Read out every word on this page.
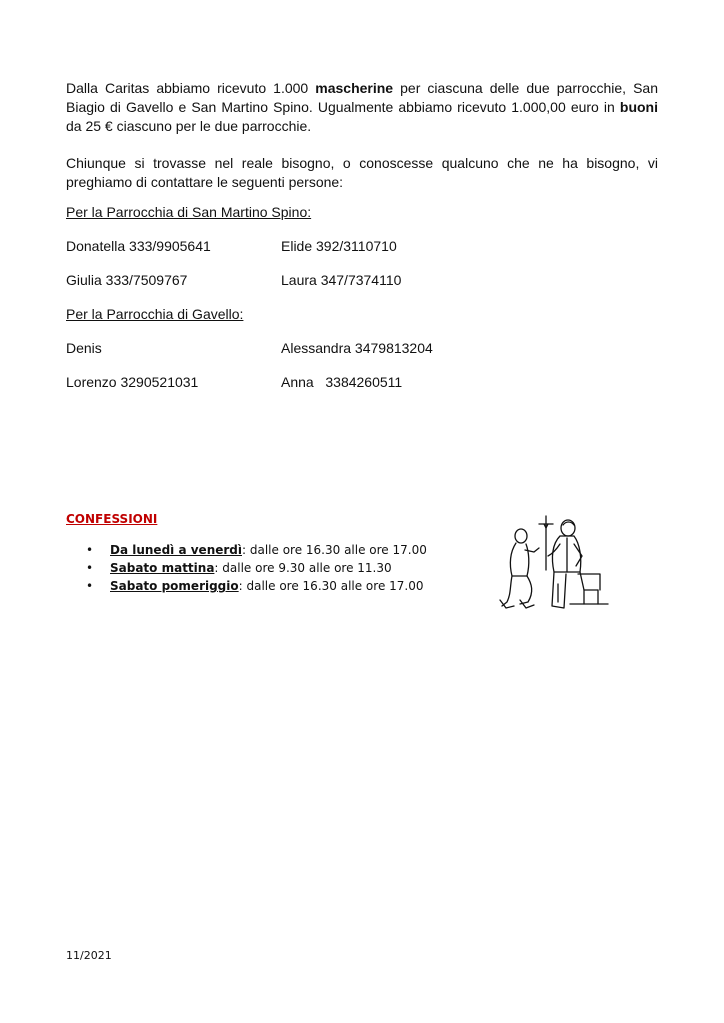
Dalla Caritas abbiamo ricevuto 1.000 mascherine per ciascuna delle due parrocchie, San Biagio di Gavello e San Martino Spino. Ugualmente abbiamo ricevuto 1.000,00 euro in buoni da 25 € ciascuno per le due parrocchie.

Chiunque si trovasse nel reale bisogno, o conoscesse qualcuno che ne ha bisogno, vi preghiamo di contattare le seguenti persone:

Per la Parrocchia di San Martino Spino:
Donatella 333/9905641	Elide 392/3110710
Giulia 333/7509767	Laura 347/7374110
Per la Parrocchia di Gavello:
Denis	Alessandra 3479813204
Lorenzo 3290521031	Anna   3384260511
CONFESSIONI
• Da lunedì a venerdì: dalle ore 16.30 alle ore 17.00
• Sabato mattina: dalle ore 9.30 alle ore 11.30
• Sabato pomeriggio: dalle ore 16.30 alle ore 17.00
11/2021
